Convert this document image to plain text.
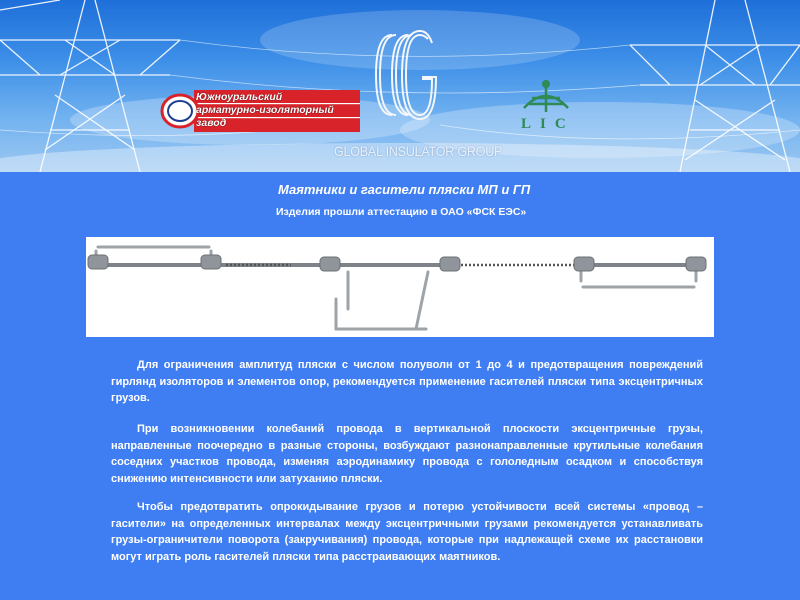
GLOBAL INSULATOR GROUP
Южноуральский
арматурно-изоляторный
завод	LIC
Маятники и гасители пляски МП и ГП
Изделия прошли аттестацию в ОАО «ФСК ЕЭС»

Для ограничения амплитуд пляски с числом полуволн от 1 до 4 и предотвращения повреждений гирлянд изоляторов и элементов опор, рекомендуется применение гасителей пляски типа эксцентричных грузов.

При возникновении колебаний провода в вертикальной плоскости эксцентричные грузы, направленные поочередно в разные стороны, возбуждают разнонаправленные крутильные колебания соседних участков провода, изменяя аэродинамику провода с гололедным осадком и способствуя снижению интенсивности или затуханию пляски.

Чтобы предотвратить опрокидывание грузов и потерю устойчивости всей системы «провод – гасители» на определенных интервалах между эксцентричными грузами рекомендуется устанавливать грузы-ограничители поворота (закручивания) провода, которые при надлежащей схеме их расстановки могут играть роль гасителей пляски типа расстраивающих маятников.
